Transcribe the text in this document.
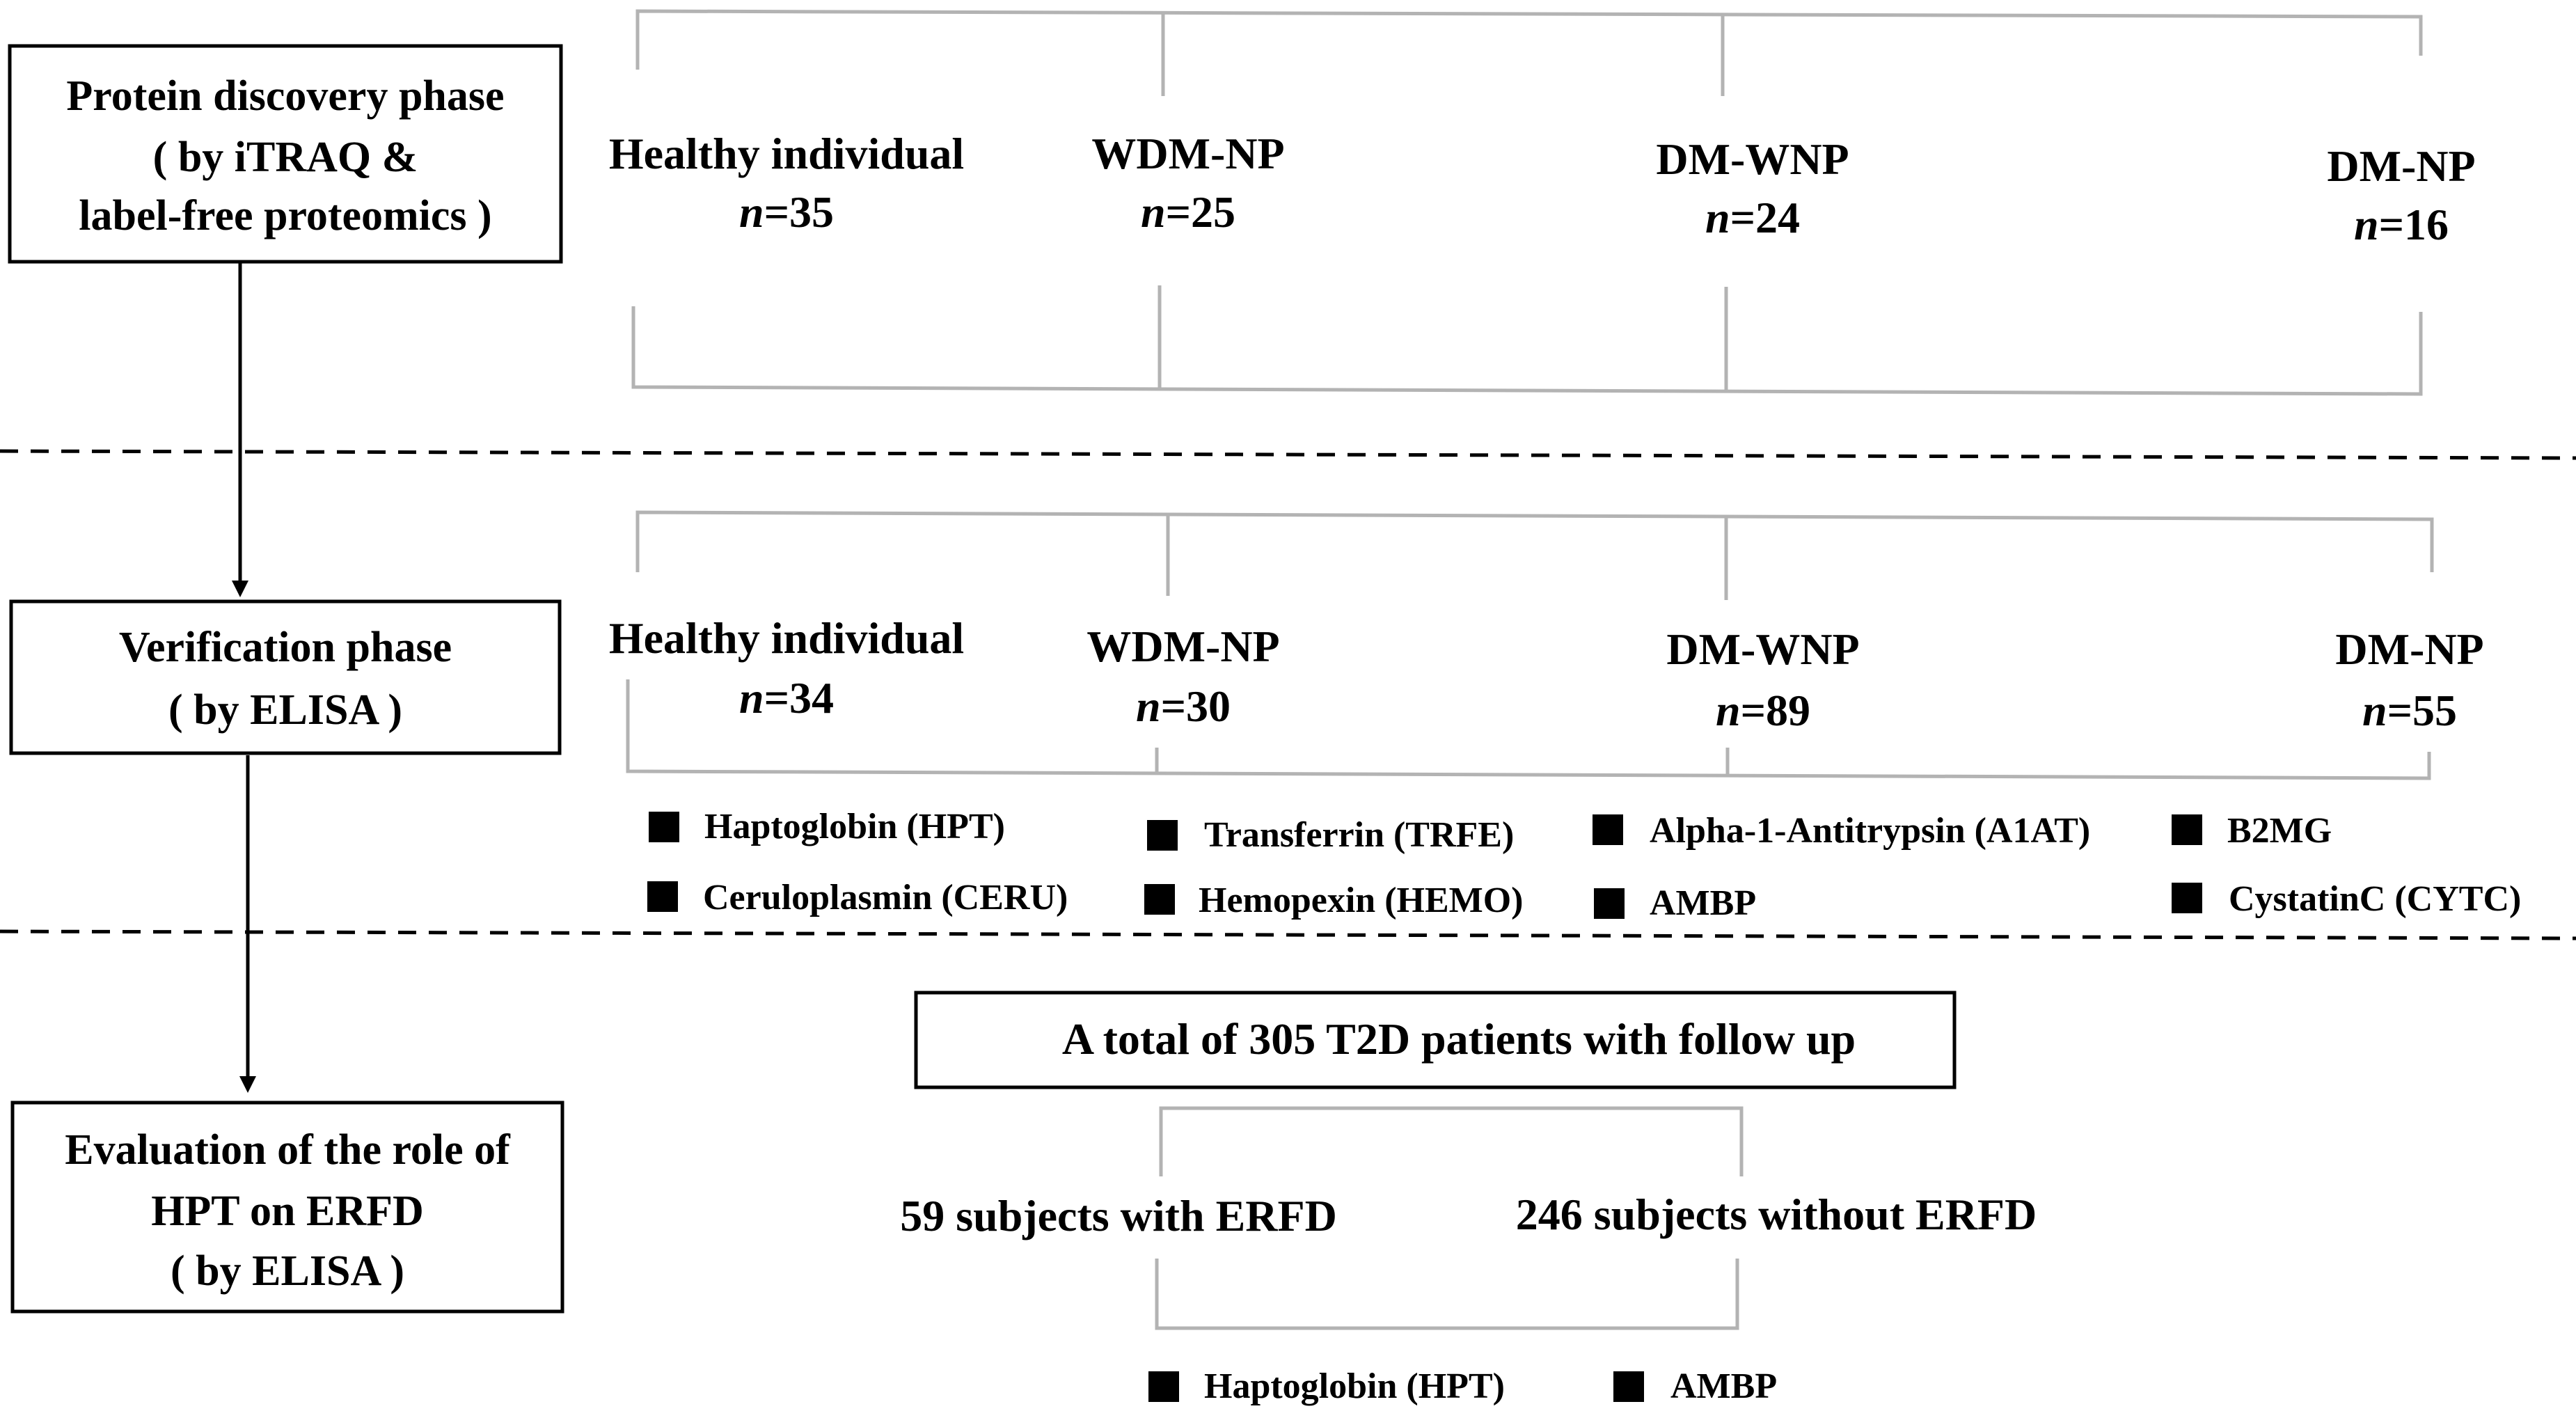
Protein discovery phase
( by iTRAQ &
label-free proteomics )
Verification phase
( by ELISA )
Evaluation of the role of
HPT on ERFD
( by ELISA )
Healthy individual
n=35
WDM-NP
n=25
DM-WNP
n=24
DM-NP
n=16
Healthy individual
n=34
WDM-NP
n=30
DM-WNP
n=89
DM-NP
n=55
Haptoglobin (HPT)	Transferrin (TRFE)	Alpha-1-Antitrypsin (A1AT)	B2MG
Ceruloplasmin (CERU)	Hemopexin (HEMO)	AMBP	CystatinC (CYTC)
A total of 305 T2D patients with follow up
59 subjects with ERFD	246 subjects without ERFD
Haptoglobin (HPT)	AMBP
